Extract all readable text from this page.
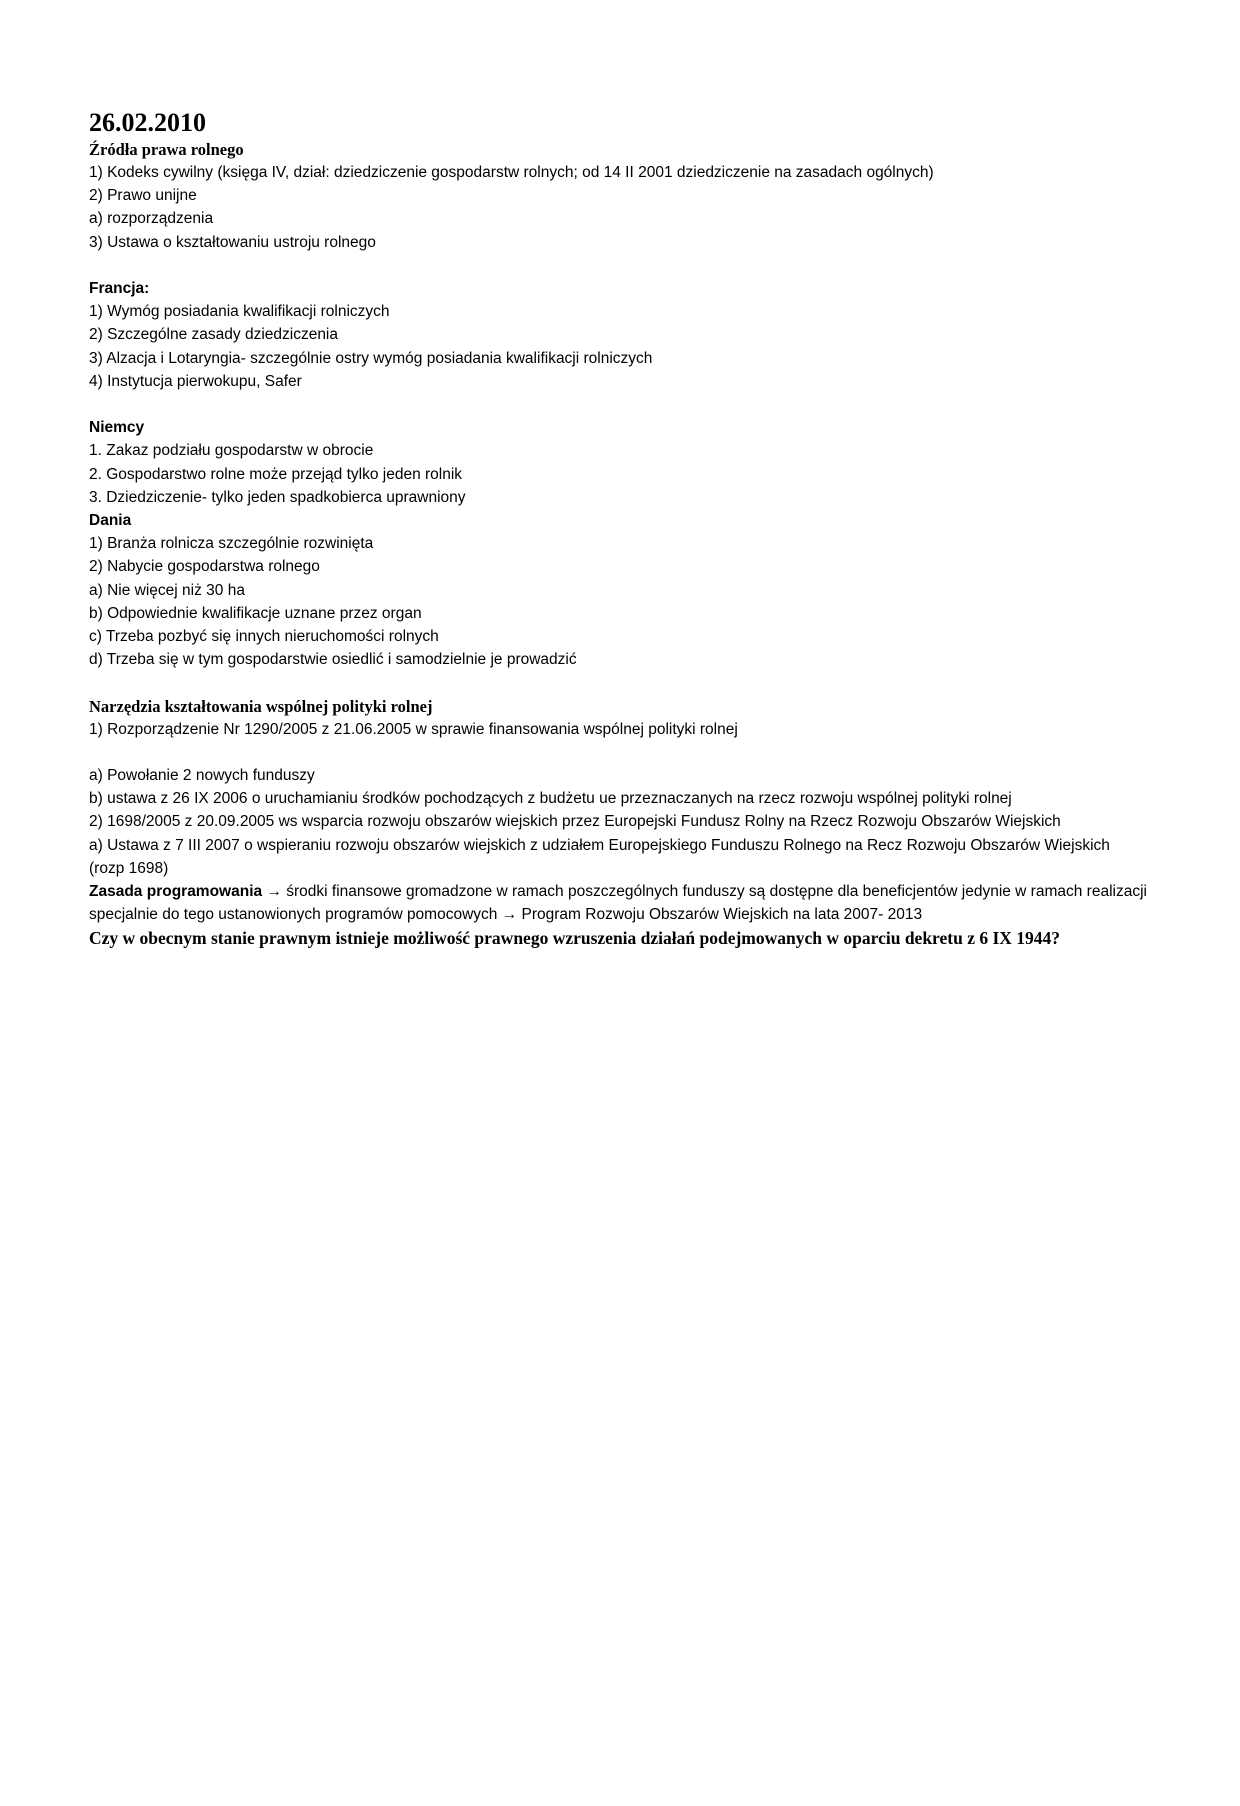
26.02.2010
Źródła prawa rolnego
1) Kodeks cywilny (księga IV, dział: dziedziczenie gospodarstw rolnych; od 14 II 2001 dziedziczenie na zasadach ogólnych)
2) Prawo unijne
a) rozporządzenia
3) Ustawa o kształtowaniu ustroju rolnego
Francja:
1) Wymóg posiadania kwalifikacji rolniczych
2) Szczególne zasady dziedziczenia
3) Alzacja i Lotaryngia- szczególnie ostry wymóg posiadania kwalifikacji rolniczych
4) Instytucja pierwokupu, Safer
Niemcy
1. Zakaz podziału gospodarstw w obrocie
2. Gospodarstwo rolne może przejąd tylko jeden rolnik
3. Dziedziczenie- tylko jeden spadkobierca uprawniony
Dania
1) Branża rolnicza szczególnie rozwinięta
2) Nabycie gospodarstwa rolnego
a) Nie więcej niż 30 ha
b) Odpowiednie kwalifikacje uznane przez organ
c) Trzeba pozbyć się innych nieruchomości rolnych
d) Trzeba się w tym gospodarstwie osiedlić i samodzielnie je prowadzić
Narzędzia kształtowania wspólnej polityki rolnej
1) Rozporządzenie Nr 1290/2005 z 21.06.2005 w sprawie finansowania wspólnej polityki rolnej
a) Powołanie 2 nowych funduszy
b) ustawa z 26 IX 2006 o uruchamianiu środków pochodzących z budżetu ue przeznaczanych na rzecz rozwoju wspólnej polityki rolnej
2) 1698/2005 z 20.09.2005 ws wsparcia rozwoju obszarów wiejskich przez Europejski Fundusz Rolny na Rzecz Rozwoju Obszarów Wiejskich
a) Ustawa z 7 III 2007 o wspieraniu rozwoju obszarów wiejskich z udziałem Europejskiego Funduszu Rolnego na Recz Rozwoju Obszarów Wiejskich (rozp 1698)
Zasada programowania → środki finansowe gromadzone w ramach poszczególnych funduszy są dostępne dla beneficjentów jedynie w ramach realizacji specjalnie do tego ustanowionych programów pomocowych → Program Rozwoju Obszarów Wiejskich na lata 2007- 2013
Czy w obecnym stanie prawnym istnieje możliwość prawnego wzruszenia działań podejmowanych w oparciu dekretu z 6 IX 1944?
